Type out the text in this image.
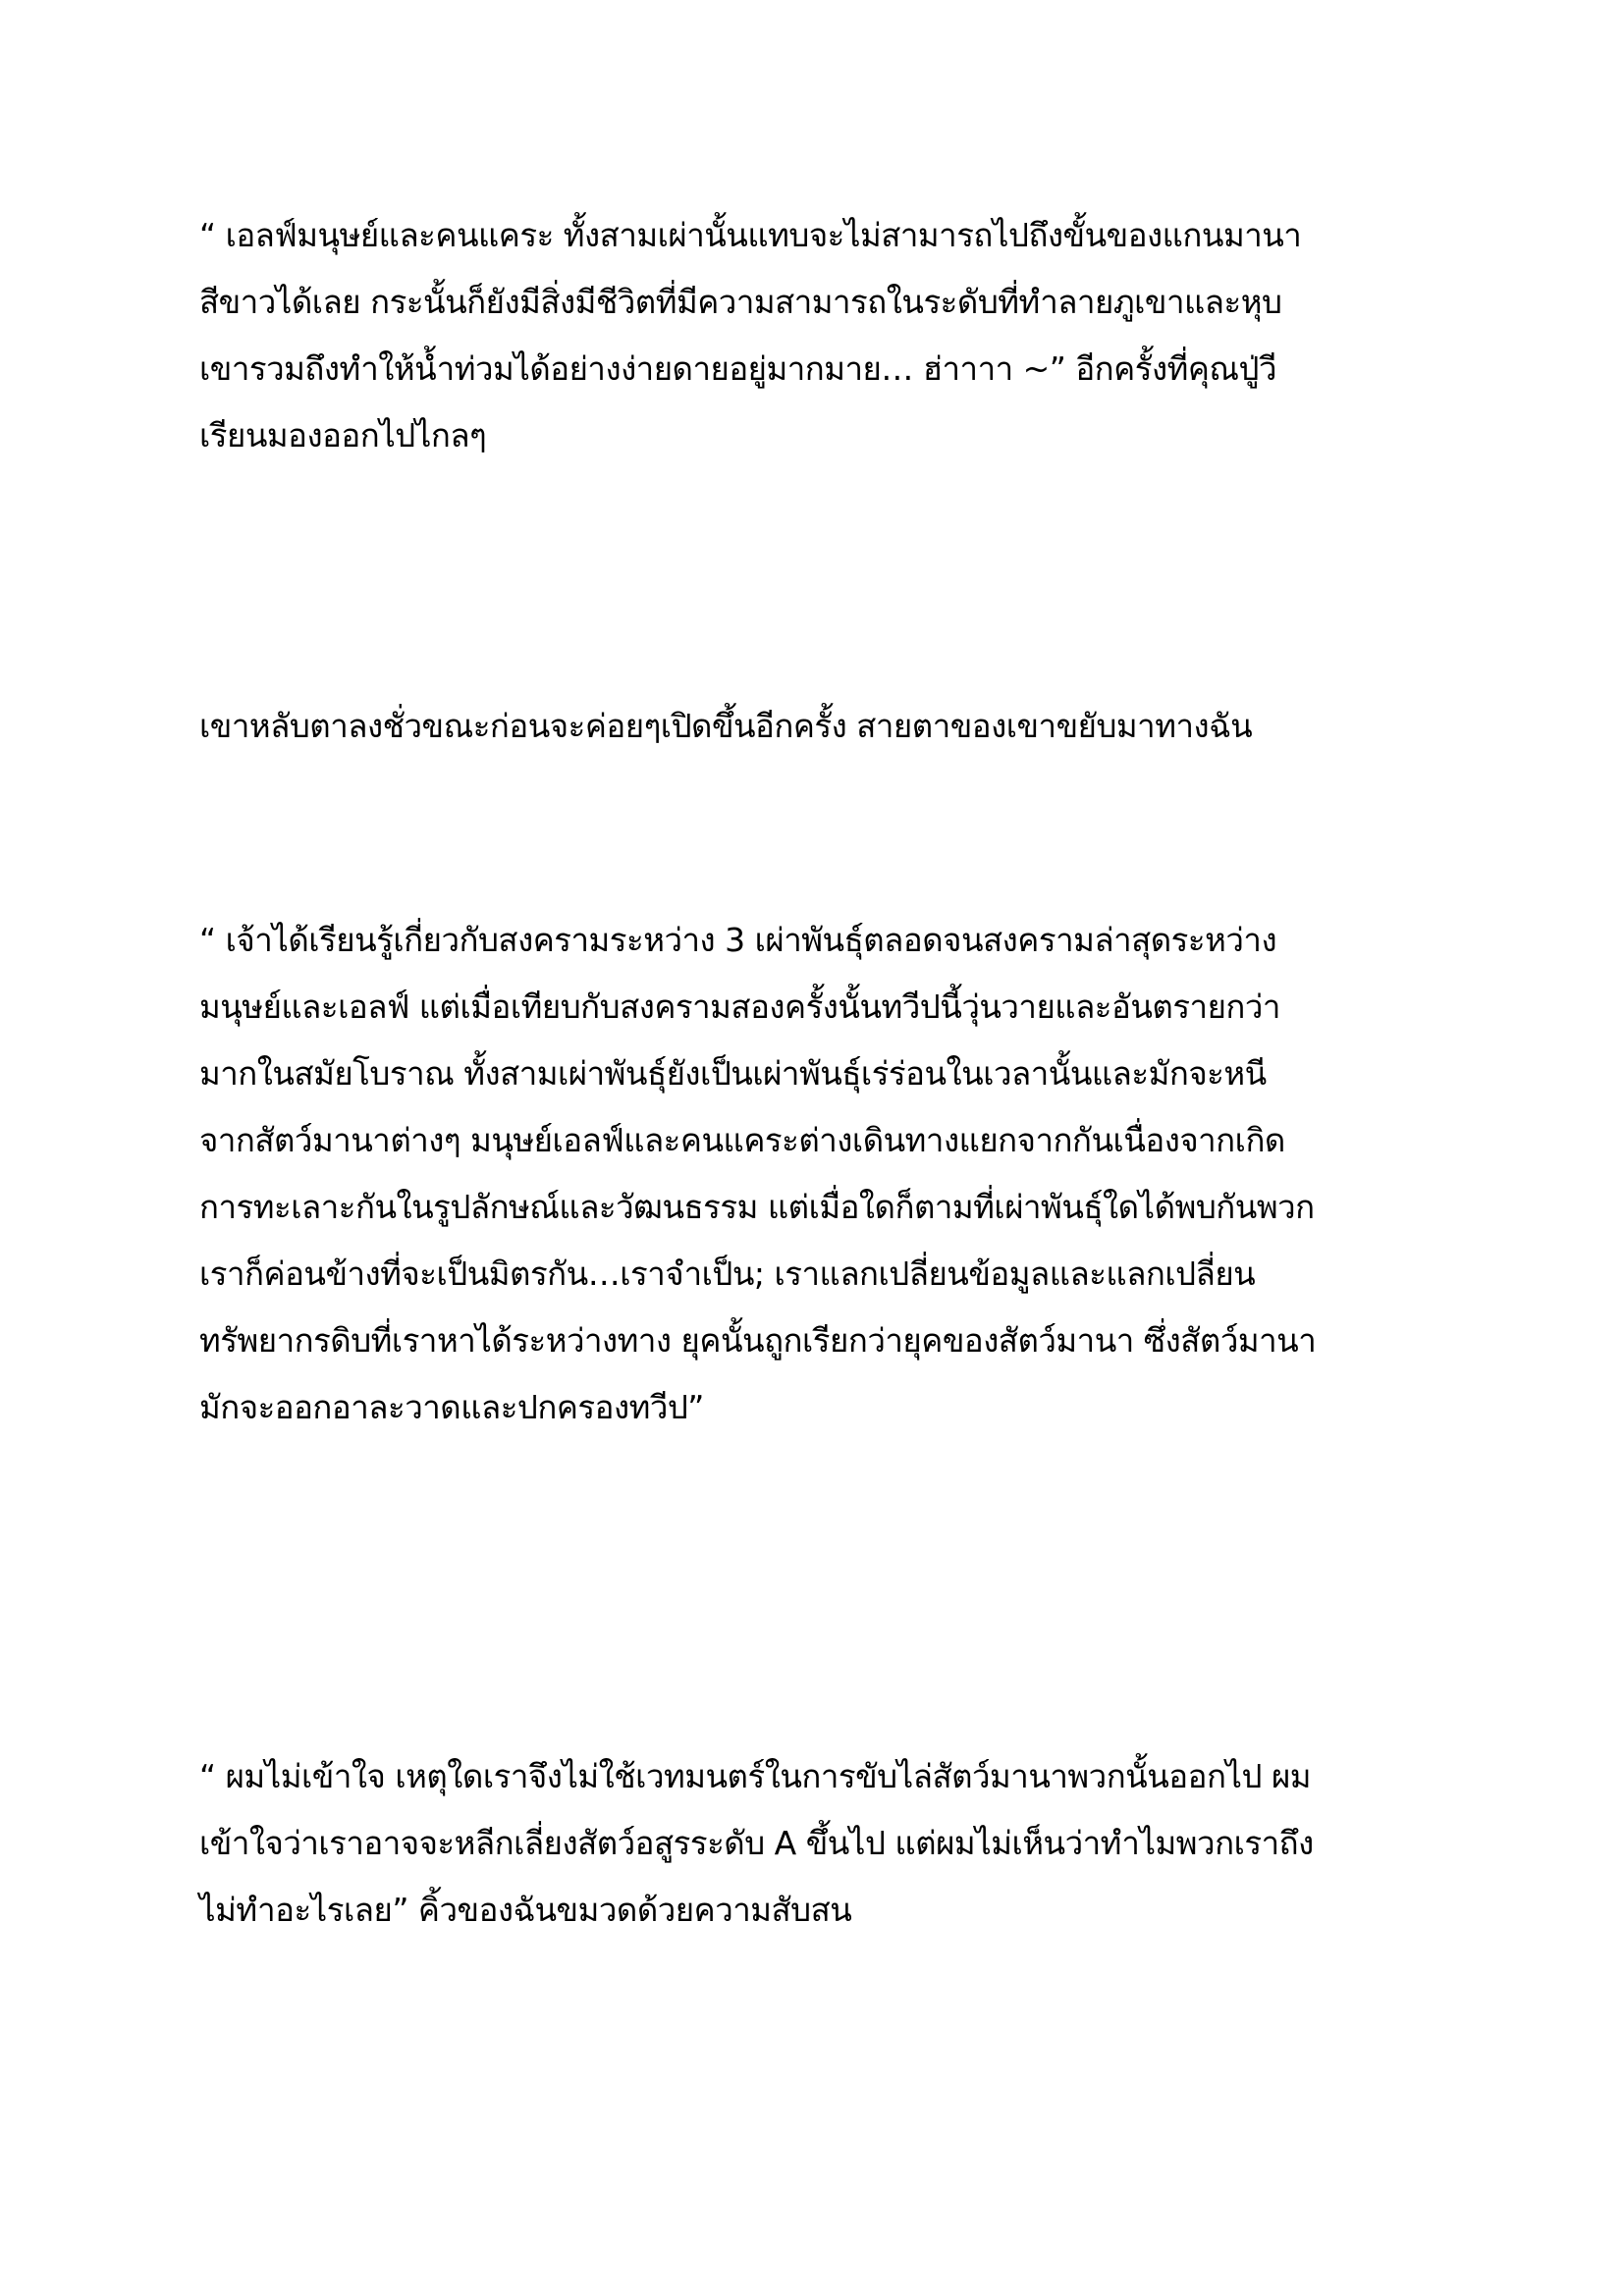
“ เอลฟ์มนุษย์และคนแคระ ทั้งสามเผ่านั้นแทบจะไม่สามารถไปถึงขั้นของแกนมานา
สีขาวได้เลย กระนั้นก็ยังมีสิ่งมีชีวิตที่มีความสามารถในระดับที่ทำลายภูเขาและหุบ
เขารวมถึงทำให้น้ำท่วมได้อย่างง่ายดายอยู่มากมาย… ฮ่าาาา ~” อีกครั้งที่คุณปู่วี
เรียนมองออกไปไกลๆ

เขาหลับตาลงชั่วขณะก่อนจะค่อยๆเปิดขึ้นอีกครั้ง สายตาของเขาขยับมาทางฉัน

“ เจ้าได้เรียนรู้เกี่ยวกับสงครามระหว่าง 3 เผ่าพันธุ์ตลอดจนสงครามล่าสุดระหว่าง
มนุษย์และเอลฟ์ แต่เมื่อเทียบกับสงครามสองครั้งนั้นทวีปนี้วุ่นวายและอันตรายกว่า
มากในสมัยโบราณ ทั้งสามเผ่าพันธุ์ยังเป็นเผ่าพันธุ์เร่ร่อนในเวลานั้นและมักจะหนี
จากสัตว์มานาต่างๆ มนุษย์เอลฟ์และคนแคระต่างเดินทางแยกจากกันเนื่องจากเกิด
การทะเลาะกันในรูปลักษณ์และวัฒนธรรม แต่เมื่อใดก็ตามที่เผ่าพันธุ์ใดได้พบกันพวก
เราก็ค่อนข้างที่จะเป็นมิตรกัน…เราจำเป็น; เราแลกเปลี่ยนข้อมูลและแลกเปลี่ยน
ทรัพยากรดิบที่เราหาได้ระหว่างทาง ยุคนั้นถูกเรียกว่ายุคของสัตว์มานา ซึ่งสัตว์มานา
มักจะออกอาละวาดและปกครองทวีป”

“ ผมไม่เข้าใจ เหตุใดเราจึงไม่ใช้เวทมนตร์ในการขับไล่สัตว์มานาพวกนั้นออกไป ผม
เข้าใจว่าเราอาจจะหลีกเลี่ยงสัตว์อสูรระดับ A ขึ้นไป แต่ผมไม่เห็นว่าทำไมพวกเราถึง
ไม่ทำอะไรเลย” คิ้วของฉันขมวดด้วยความสับสน
